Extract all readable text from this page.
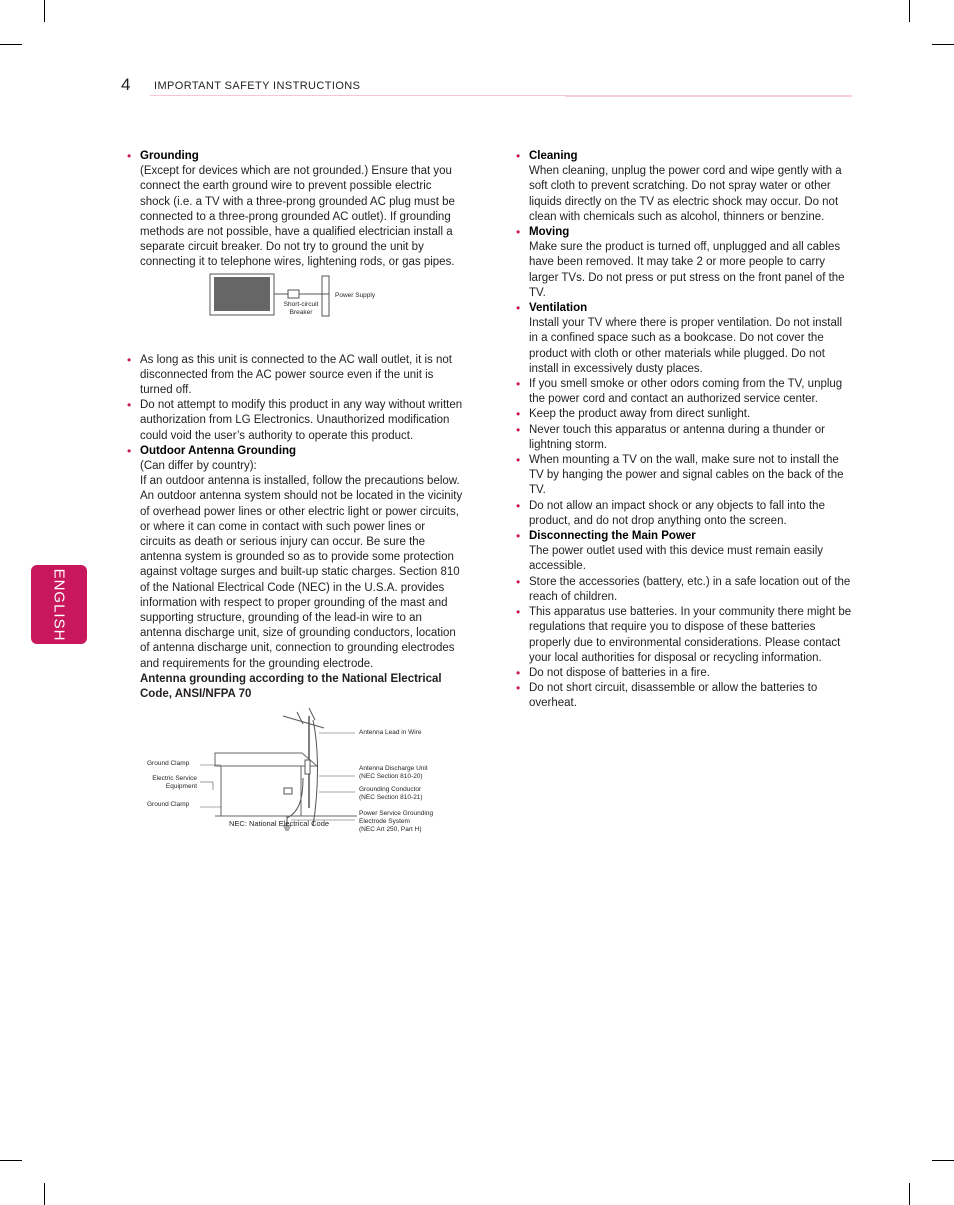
4 IMPORTANT SAFETY INSTRUCTIONS
ENGLISH
• Grounding
(Except for devices which are not grounded.) Ensure that you connect the earth ground wire to prevent possible electric shock (i.e. a TV with a three-prong grounded AC plug must be connected to a three-prong grounded AC outlet). If grounding methods are not possible, have a qualified electrician install a separate circuit breaker. Do not try to ground the unit by connecting it to telephone wires, lightening rods, or gas pipes.
Short-circuit
Breaker
Power Supply
• As long as this unit is connected to the AC wall outlet, it is not disconnected from the AC power source even if the unit is turned off.
• Do not attempt to modify this product in any way without written authorization from LG Electronics. Unauthorized modification could void the user’s authority to operate this product.
• Outdoor Antenna Grounding
(Can differ by country):
If an outdoor antenna is installed, follow the precautions below. An outdoor antenna system should not be located in the vicinity of overhead power lines or other electric light or power circuits, or where it can come in contact with such power lines or circuits as death or serious injury can occur. Be sure the antenna system is grounded so as to provide some protection against voltage surges and built-up static charges. Section 810 of the National Electrical Code (NEC) in the U.S.A. provides information with respect to proper grounding of the mast and supporting structure, grounding of the lead-in wire to an antenna discharge unit, size of grounding conductors, location of antenna discharge unit, connection to grounding electrodes and requirements for the grounding electrode.
Antenna grounding according to the National Electrical Code, ANSI/NFPA 70
Ground Clamp
Electric Service
Equipment
Ground Clamp
NEC: National Electrical Code
Antenna Lead in Wire
Antenna Discharge Unit
(NEC Section 810-20)
Grounding Conductor
(NEC Section 810-21)
Power Service Grounding
Electrode System
(NEC Art 250, Part H)
• Cleaning
When cleaning, unplug the power cord and wipe gently with a soft cloth to prevent scratching. Do not spray water or other liquids directly on the TV as electric shock may occur. Do not clean with chemicals such as alcohol, thinners or benzine.
• Moving
Make sure the product is turned off, unplugged and all cables have been removed. It may take 2 or more people to carry larger TVs. Do not press or put stress on the front panel of the TV.
• Ventilation
Install your TV where there is proper ventilation. Do not install in a confined space such as a bookcase. Do not cover the product with cloth or other materials while plugged. Do not install in excessively dusty places.
• If you smell smoke or other odors coming from the TV, unplug the power cord and contact an authorized service center.
• Keep the product away from direct sunlight.
• Never touch this apparatus or antenna during a thunder or lightning storm.
• When mounting a TV on the wall, make sure not to install the TV by hanging the power and signal cables on the back of the TV.
• Do not allow an impact shock or any objects to fall into the product, and do not drop anything onto the screen.
• Disconnecting the Main Power
The power outlet used with this device must remain easily accessible.
• Store the accessories (battery, etc.) in a safe location out of the reach of children.
• This apparatus use batteries. In your community there might be regulations that require you to dispose of these batteries properly due to environmental considerations. Please contact your local authorities for disposal or recycling information.
• Do not dispose of batteries in a fire.
• Do not short circuit, disassemble or allow the batteries to overheat.
